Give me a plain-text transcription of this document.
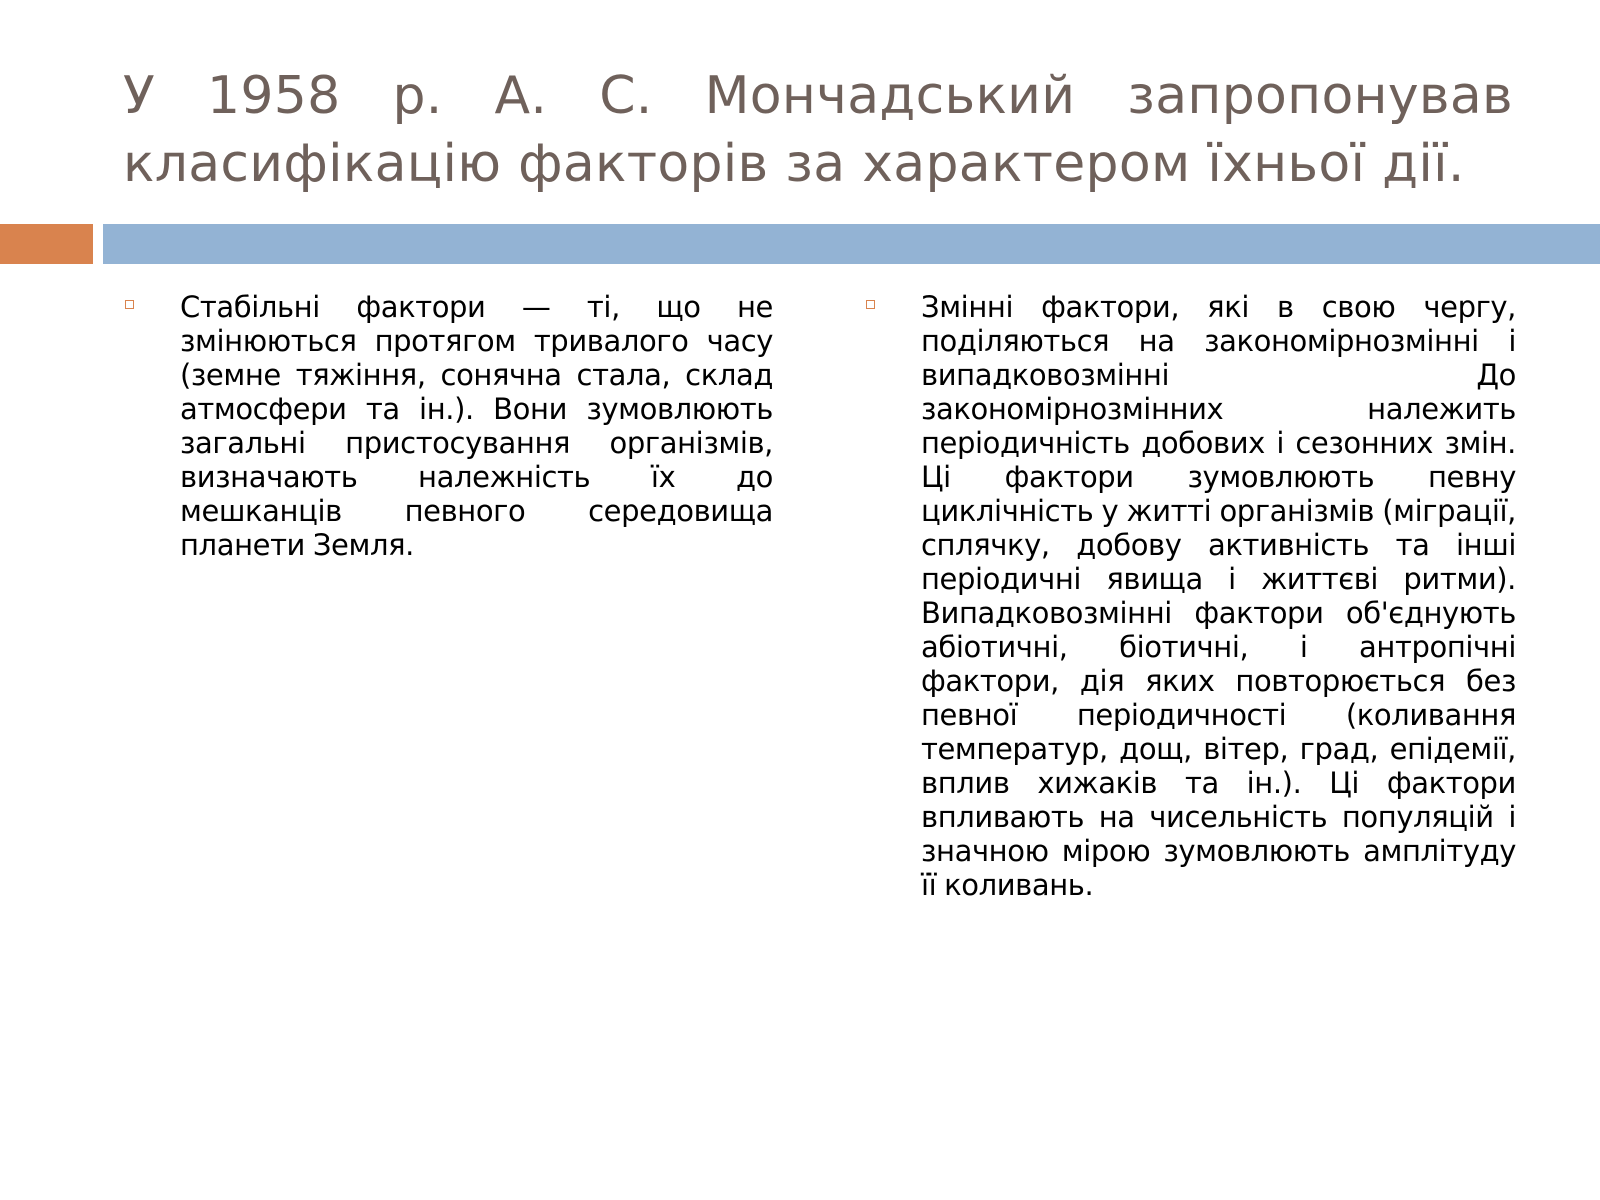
У 1958 р. А. С. Мончадський запропонував класифікацію факторів за характером їхньої дії.

Стабільні фактори — ті, що не змінюються протягом тривалого часу (земне тяжіння, сонячна стала, склад атмосфери та ін.). Вони зумовлюють загальні пристосування організмів, визначають належність їх до мешканців певного середовища планети Земля.

Змінні фактори, які в свою чергу, поділяються на закономірнозмінні і випадковозмінні До закономірнозмінних належить періодичність добових і сезонних змін. Ці фактори зумовлюють певну циклічність у житті організмів (міграції, сплячку, добову активність та інші періодичні явища і життєві ритми). Випадковозмінні фактори об'єднують абіотичні, біотичні, і антропічні фактори, дія яких повторюється без певної періодичності (коливання температур, дощ, вітер, град, епідемії, вплив хижаків та ін.). Ці фактори впливають на чисельність популяцій і значною мірою зумовлюють амплітуду її коливань.
